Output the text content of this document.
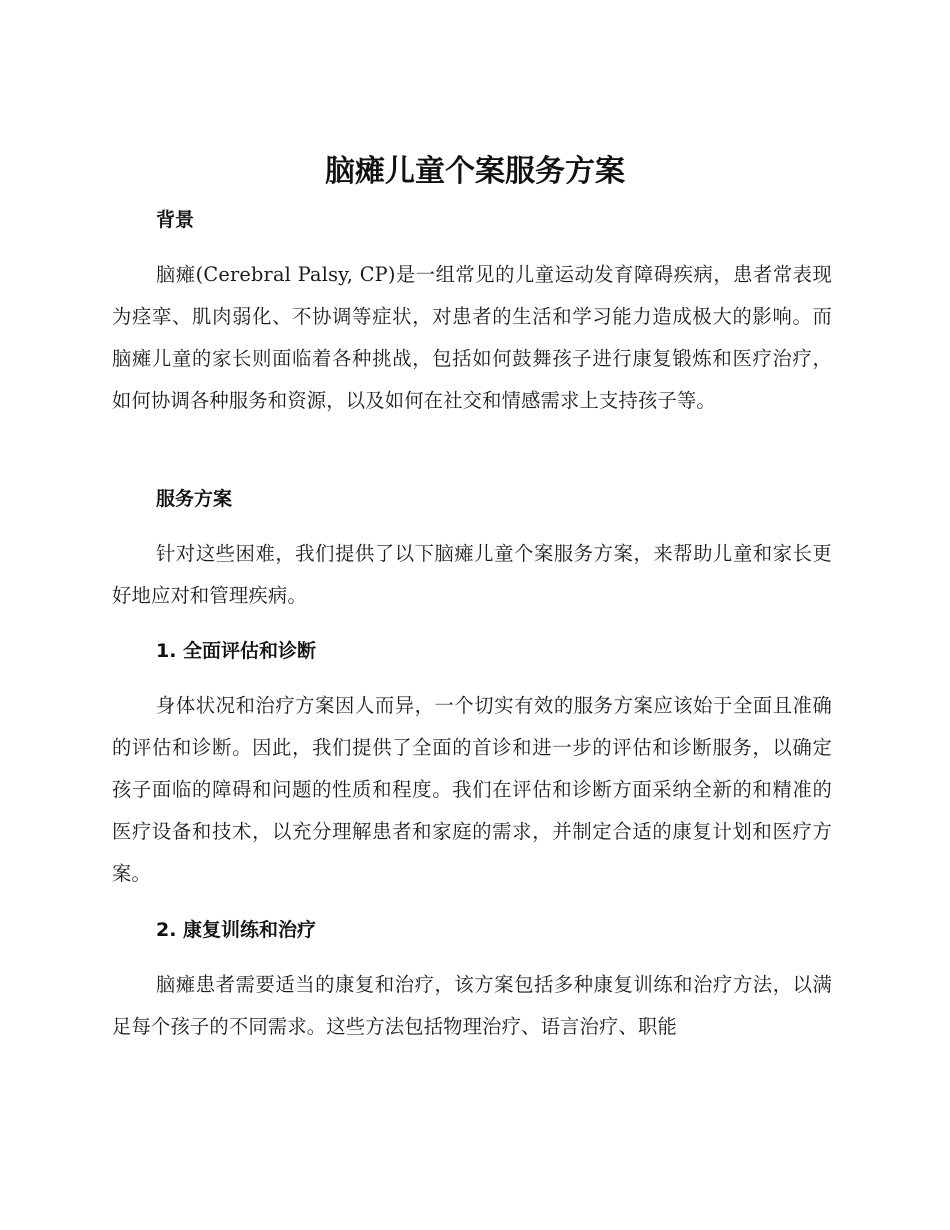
脑瘫儿童个案服务方案
背景

脑瘫(Cerebral Palsy, CP)是一组常见的儿童运动发育障碍疾病，患者常表现为痉挛、肌肉弱化、不协调等症状，对患者的生活和学习能力造成极大的影响。而脑瘫儿童的家长则面临着各种挑战，包括如何鼓舞孩子进行康复锻炼和医疗治疗，如何协调各种服务和资源，以及如何在社交和情感需求上支持孩子等。

服务方案

针对这些困难，我们提供了以下脑瘫儿童个案服务方案，来帮助儿童和家长更好地应对和管理疾病。

1. 全面评估和诊断

身体状况和治疗方案因人而异，一个切实有效的服务方案应该始于全面且准确的评估和诊断。因此，我们提供了全面的首诊和进一步的评估和诊断服务，以确定孩子面临的障碍和问题的性质和程度。我们在评估和诊断方面采纳全新的和精准的医疗设备和技术，以充分理解患者和家庭的需求，并制定合适的康复计划和医疗方案。

2. 康复训练和治疗

脑瘫患者需要适当的康复和治疗，该方案包括多种康复训练和治疗方法，以满足每个孩子的不同需求。这些方法包括物理治疗、语言治疗、职能
